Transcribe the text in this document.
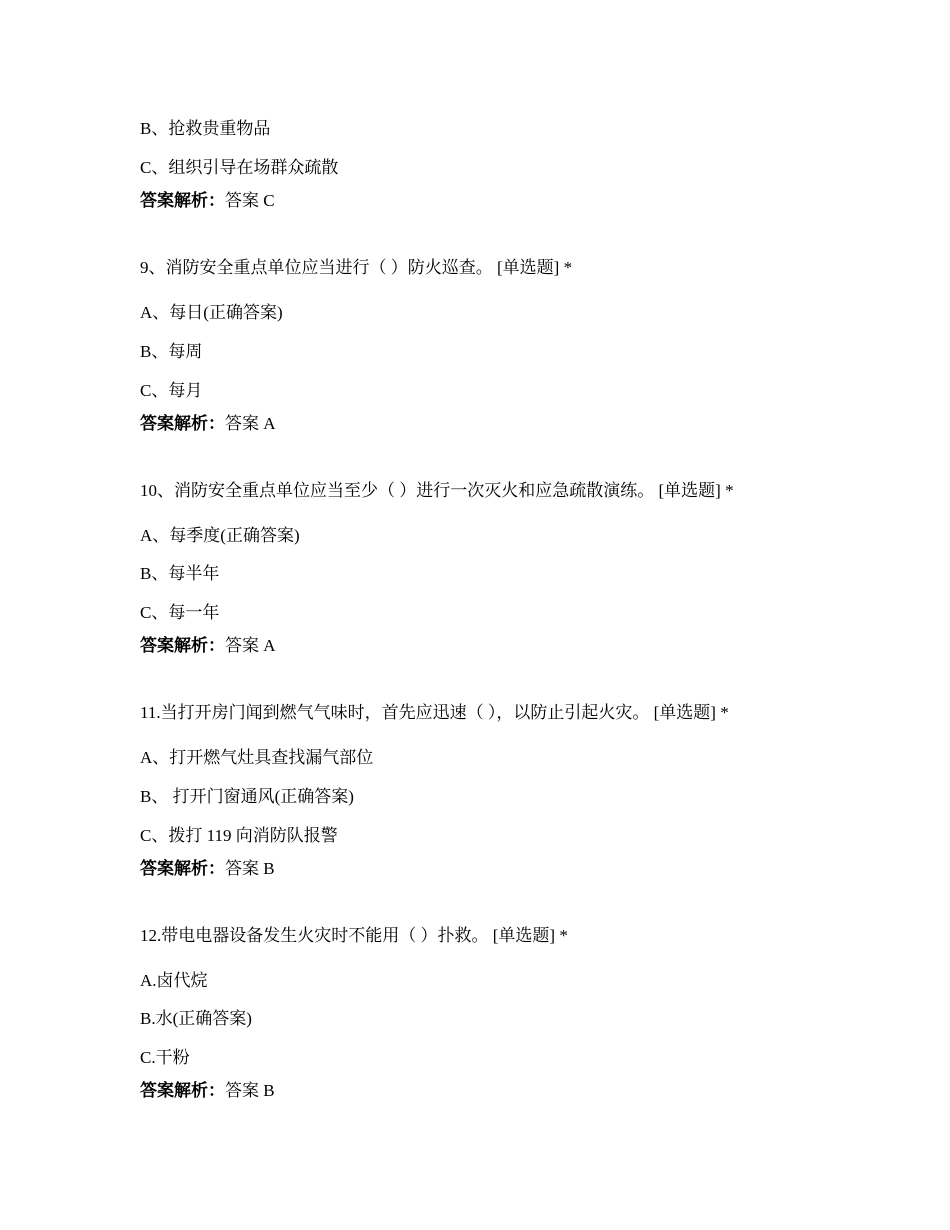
B、抢救贵重物品
C、组织引导在场群众疏散
答案解析：答案 C
9、消防安全重点单位应当进行（ ）防火巡查。 [单选题] *
A、每日(正确答案)
B、每周
C、每月
答案解析：答案 A
10、消防安全重点单位应当至少（ ）进行一次灭火和应急疏散演练。 [单选题] *
A、每季度(正确答案)
B、每半年
C、每一年
答案解析：答案 A
11.当打开房门闻到燃气气味时，首先应迅速（ ），以防止引起火灾。 [单选题] *
A、打开燃气灶具查找漏气部位
B、 打开门窗通风(正确答案)
C、拨打 119 向消防队报警
答案解析：答案 B
12.带电电器设备发生火灾时不能用（ ）扑救。 [单选题] *
A.卤代烷
B.水(正确答案)
C.干粉
答案解析：答案 B
